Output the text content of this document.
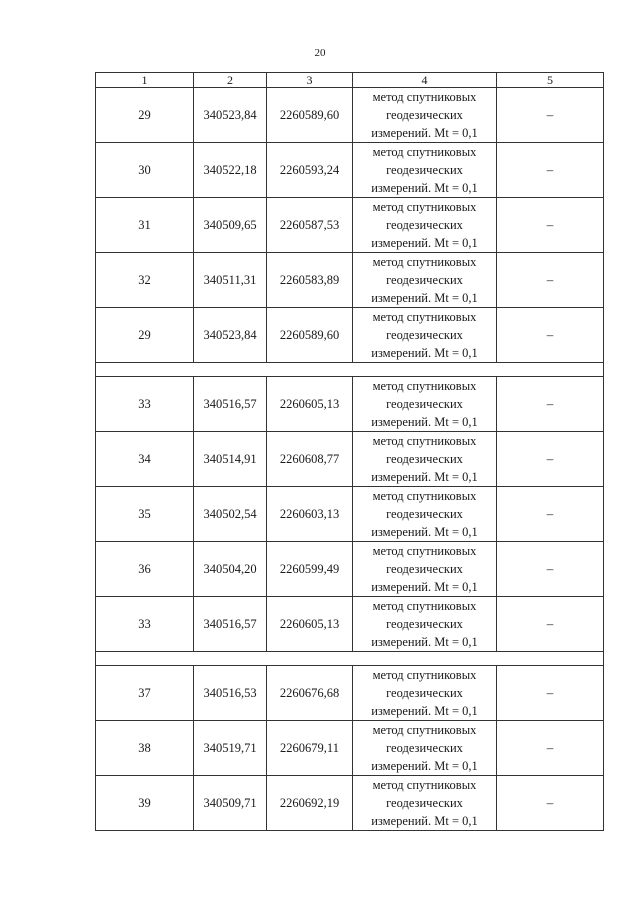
20
1	2	3	4	5
29	340523,84	2260589,60	метод спутниковых
геодезических
измерений. Mt = 0,1	–
30	340522,18	2260593,24	метод спутниковых
геодезических
измерений. Mt = 0,1	–
31	340509,65	2260587,53	метод спутниковых
геодезических
измерений. Mt = 0,1	–
32	340511,31	2260583,89	метод спутниковых
геодезических
измерений. Mt = 0,1	–
29	340523,84	2260589,60	метод спутниковых
геодезических
измерений. Mt = 0,1	–

33	340516,57	2260605,13	метод спутниковых
геодезических
измерений. Mt = 0,1	–
34	340514,91	2260608,77	метод спутниковых
геодезических
измерений. Mt = 0,1	–
35	340502,54	2260603,13	метод спутниковых
геодезических
измерений. Mt = 0,1	–
36	340504,20	2260599,49	метод спутниковых
геодезических
измерений. Mt = 0,1	–
33	340516,57	2260605,13	метод спутниковых
геодезических
измерений. Mt = 0,1	–

37	340516,53	2260676,68	метод спутниковых
геодезических
измерений. Mt = 0,1	–
38	340519,71	2260679,11	метод спутниковых
геодезических
измерений. Mt = 0,1	–
39	340509,71	2260692,19	метод спутниковых
геодезических
измерений. Mt = 0,1	–
